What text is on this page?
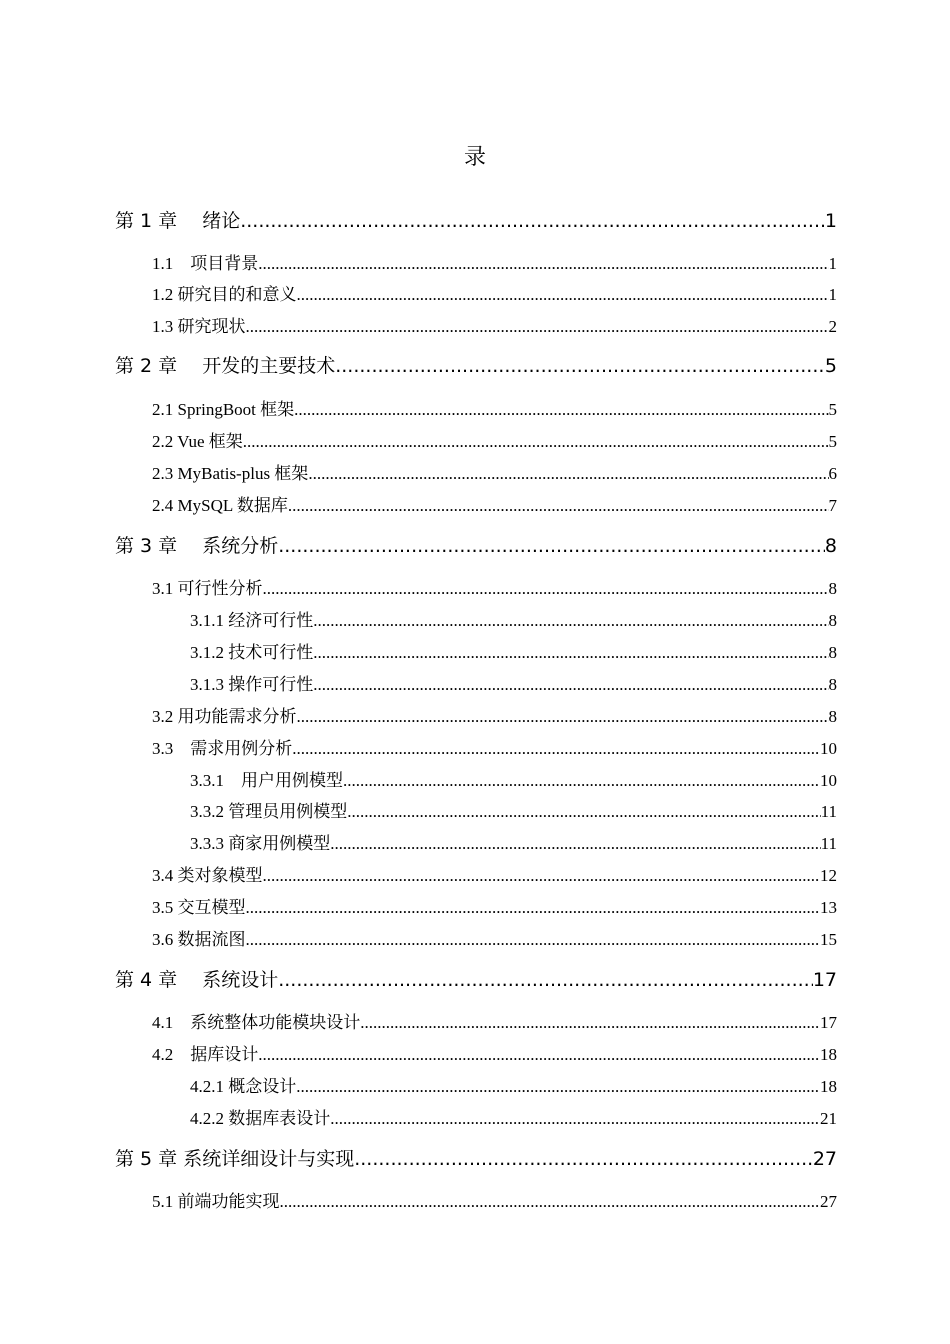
录
第 1 章　 绪论 .....	1
1.1　项目背景 .....	1
1.2 研究目的和意义 .....	1
1.3 研究现状 .....	2
第 2 章　 开发的主要技术 .....	5
2.1 SpringBoot 框架 .....	5
2.2 Vue 框架 .....	5
2.3 MyBatis-plus 框架 .....	6
2.4 MySQL 数据库 .....	7
第 3 章　 系统分析 .....	8
3.1 可行性分析 .....	8
3.1.1 经济可行性 .....	8
3.1.2 技术可行性 .....	8
3.1.3 操作可行性 .....	8
3.2 用功能需求分析 .....	8
3.3　需求用例分析 .....	10
3.3.1　用户用例模型 .....	10
3.3.2 管理员用例模型 .....	11
3.3.3 商家用例模型 .....	11
3.4 类对象模型 .....	12
3.5 交互模型 .....	13
3.6 数据流图 .....	15
第 4 章　 系统设计 .....	17
4.1　系统整体功能模块设计 .....	17
4.2　据库设计 .....	18
4.2.1 概念设计 .....	18
4.2.2 数据库表设计 .....	21
第 5 章 系统详细设计与实现 .....	27
5.1 前端功能实现 .....	27
